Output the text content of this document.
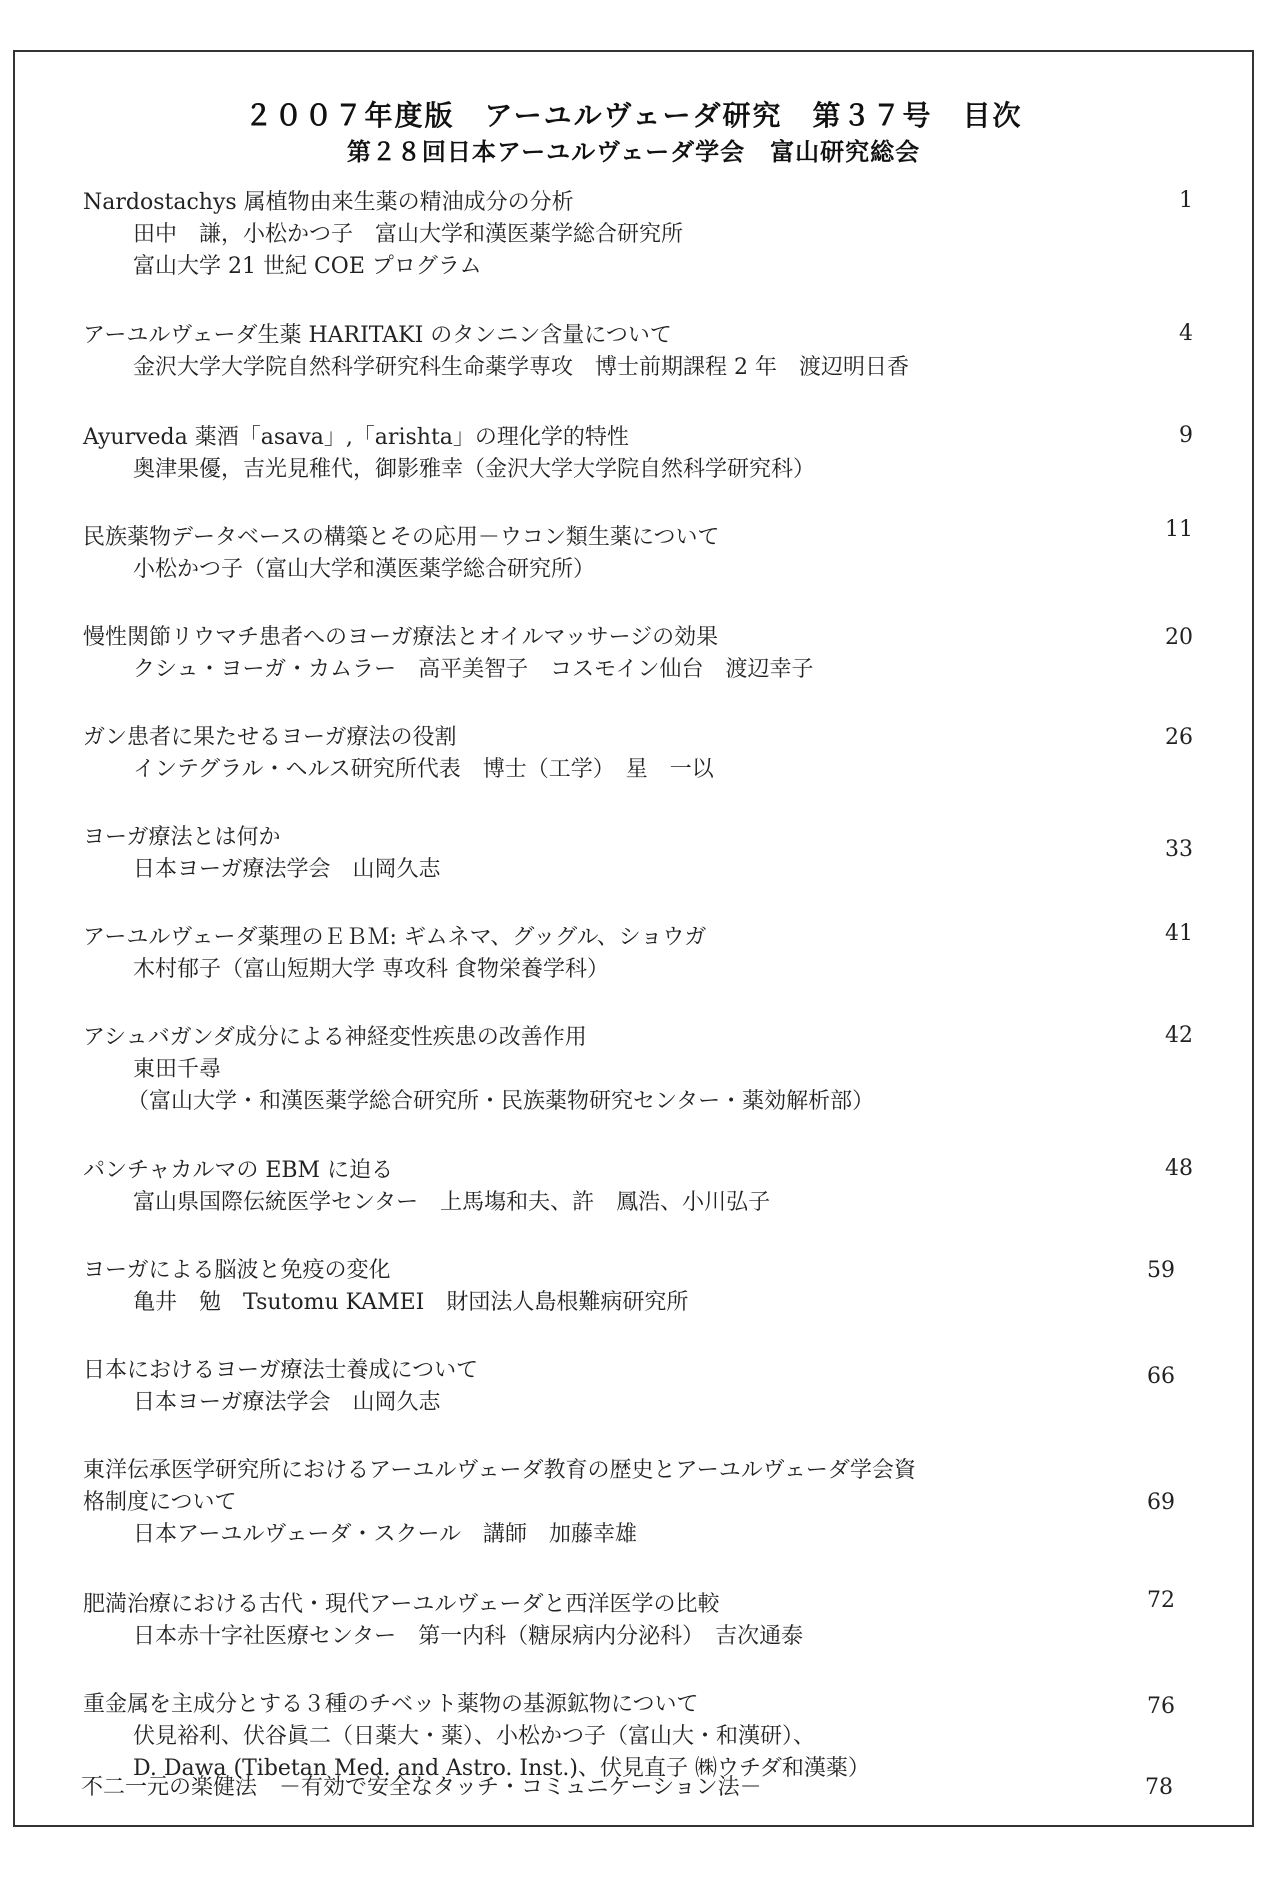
２００７年度版　アーユルヴェーダ研究　第３７号　目次
第２８回日本アーユルヴェーダ学会　富山研究総会
Nardostachys 属植物由来生薬の精油成分の分析
田中　謙，小松かつ子　富山大学和漢医薬学総合研究所
富山大学 21 世紀 COE プログラム
1
アーユルヴェーダ生薬 HARITAKI のタンニン含量について
金沢大学大学院自然科学研究科生命薬学専攻　博士前期課程 2 年　渡辺明日香
4
Ayurveda 薬酒「asava」,「arishta」の理化学的特性
奥津果優，吉光見稚代，御影雅幸（金沢大学大学院自然科学研究科）
9
民族薬物データベースの構築とその応用－ウコン類生薬について
小松かつ子（富山大学和漢医薬学総合研究所）
11
慢性関節リウマチ患者へのヨーガ療法とオイルマッサージの効果
クシュ・ヨーガ・カムラー　高平美智子　コスモイン仙台　渡辺幸子
20
ガン患者に果たせるヨーガ療法の役割
インテグラル・ヘルス研究所代表　博士（工学）　星　一以
26
ヨーガ療法とは何か
日本ヨーガ療法学会　山岡久志
33
アーユルヴェーダ薬理のＥＢＭ: ギムネマ、グッグル、ショウガ
木村郁子（富山短期大学 専攻科 食物栄養学科）
41
アシュバガンダ成分による神経変性疾患の改善作用
東田千尋
（富山大学・和漢医薬学総合研究所・民族薬物研究センター・薬効解析部）
42
パンチャカルマの EBM に迫る
富山県国際伝統医学センター　上馬塲和夫、許　鳳浩、小川弘子
48
ヨーガによる脳波と免疫の変化
亀井　勉　Tsutomu KAMEI　財団法人島根難病研究所
59
日本におけるヨーガ療法士養成について
日本ヨーガ療法学会　山岡久志
66
東洋伝承医学研究所におけるアーユルヴェーダ教育の歴史とアーユルヴェーダ学会資
格制度について
日本アーユルヴェーダ・スクール　講師　加藤幸雄
69
肥満治療における古代・現代アーユルヴェーダと西洋医学の比較
日本赤十字社医療センター　第一内科（糖尿病内分泌科）　吉次通泰
72
重金属を主成分とする３種のチベット薬物の基源鉱物について
伏見裕利、伏谷眞二（日薬大・薬）、小松かつ子（富山大・和漢研）、
D. Dawa (Tibetan Med. and Astro. Inst.)、伏見直子 ㈱ウチダ和漢薬）
76
不二一元の楽健法　－有効で安全なタッチ・コミュニケーション法－	78
